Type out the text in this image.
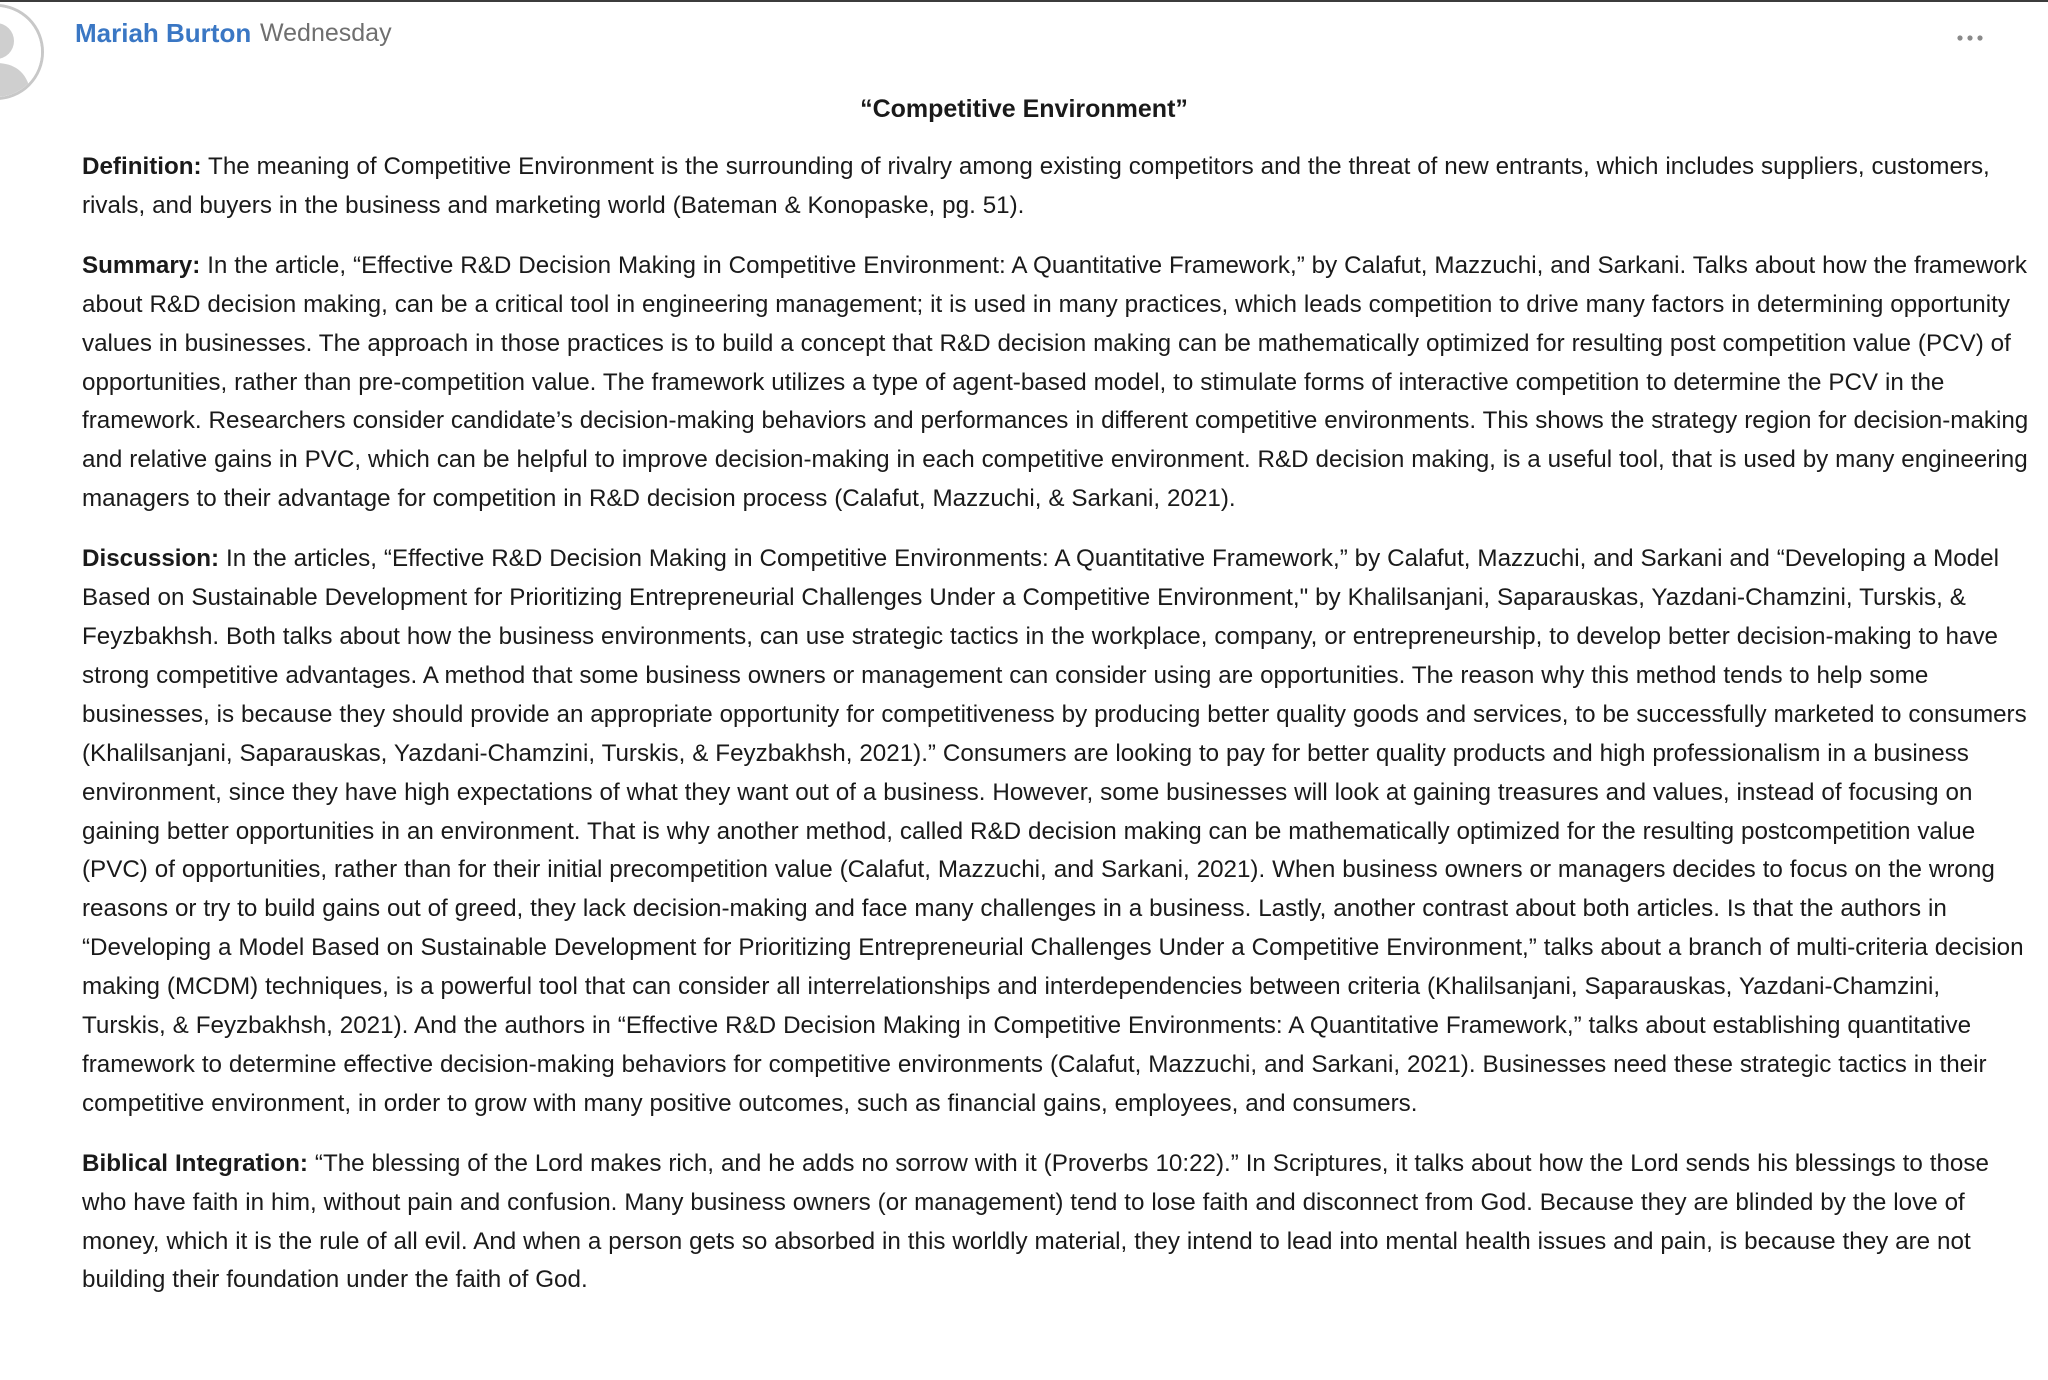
Mariah Burton Wednesday
“Competitive Environment”

Definition: The meaning of Competitive Environment is the surrounding of rivalry among existing competitors and the threat of new entrants, which includes suppliers, customers, rivals, and buyers in the business and marketing world (Bateman & Konopaske, pg. 51).

Summary: In the article, “Effective R&D Decision Making in Competitive Environment: A Quantitative Framework,” by Calafut, Mazzuchi, and Sarkani. Talks about how the framework about R&D decision making, can be a critical tool in engineering management; it is used in many practices, which leads competition to drive many factors in determining opportunity values in businesses. The approach in those practices is to build a concept that R&D decision making can be mathematically optimized for resulting post competition value (PCV) of opportunities, rather than pre-competition value. The framework utilizes a type of agent-based model, to stimulate forms of interactive competition to determine the PCV in the framework. Researchers consider candidate’s decision-making behaviors and performances in different competitive environments. This shows the strategy region for decision-making and relative gains in PVC, which can be helpful to improve decision-making in each competitive environment. R&D decision making, is a useful tool, that is used by many engineering managers to their advantage for competition in R&D decision process (Calafut, Mazzuchi, & Sarkani, 2021).

Discussion: In the articles, “Effective R&D Decision Making in Competitive Environments: A Quantitative Framework,” by Calafut, Mazzuchi, and Sarkani and “Developing a Model Based on Sustainable Development for Prioritizing Entrepreneurial Challenges Under a Competitive Environment," by Khalilsanjani, Saparauskas, Yazdani-Chamzini, Turskis, & Feyzbakhsh. Both talks about how the business environments, can use strategic tactics in the workplace, company, or entrepreneurship, to develop better decision-making to have strong competitive advantages. A method that some business owners or management can consider using are opportunities. The reason why this method tends to help some businesses, is because they should provide an appropriate opportunity for competitiveness by producing better quality goods and services, to be successfully marketed to consumers (Khalilsanjani, Saparauskas, Yazdani-Chamzini, Turskis, & Feyzbakhsh, 2021).” Consumers are looking to pay for better quality products and high professionalism in a business environment, since they have high expectations of what they want out of a business. However, some businesses will look at gaining treasures and values, instead of focusing on gaining better opportunities in an environment. That is why another method, called R&D decision making can be mathematically optimized for the resulting postcompetition value (PVC) of opportunities, rather than for their initial precompetition value (Calafut, Mazzuchi, and Sarkani, 2021). When business owners or managers decides to focus on the wrong reasons or try to build gains out of greed, they lack decision-making and face many challenges in a business. Lastly, another contrast about both articles. Is that the authors in “Developing a Model Based on Sustainable Development for Prioritizing Entrepreneurial Challenges Under a Competitive Environment,” talks about a branch of multi-criteria decision making (MCDM) techniques, is a powerful tool that can consider all interrelationships and interdependencies between criteria (Khalilsanjani, Saparauskas, Yazdani-Chamzini, Turskis, & Feyzbakhsh, 2021). And the authors in “Effective R&D Decision Making in Competitive Environments: A Quantitative Framework,” talks about establishing quantitative framework to determine effective decision-making behaviors for competitive environments (Calafut, Mazzuchi, and Sarkani, 2021). Businesses need these strategic tactics in their competitive environment, in order to grow with many positive outcomes, such as financial gains, employees, and consumers.

Biblical Integration: “The blessing of the Lord makes rich, and he adds no sorrow with it (Proverbs 10:22).” In Scriptures, it talks about how the Lord sends his blessings to those who have faith in him, without pain and confusion. Many business owners (or management) tend to lose faith and disconnect from God. Because they are blinded by the love of money, which it is the rule of all evil. And when a person gets so absorbed in this worldly material, they intend to lead into mental health issues and pain, is because they are not building their foundation under the faith of God.
